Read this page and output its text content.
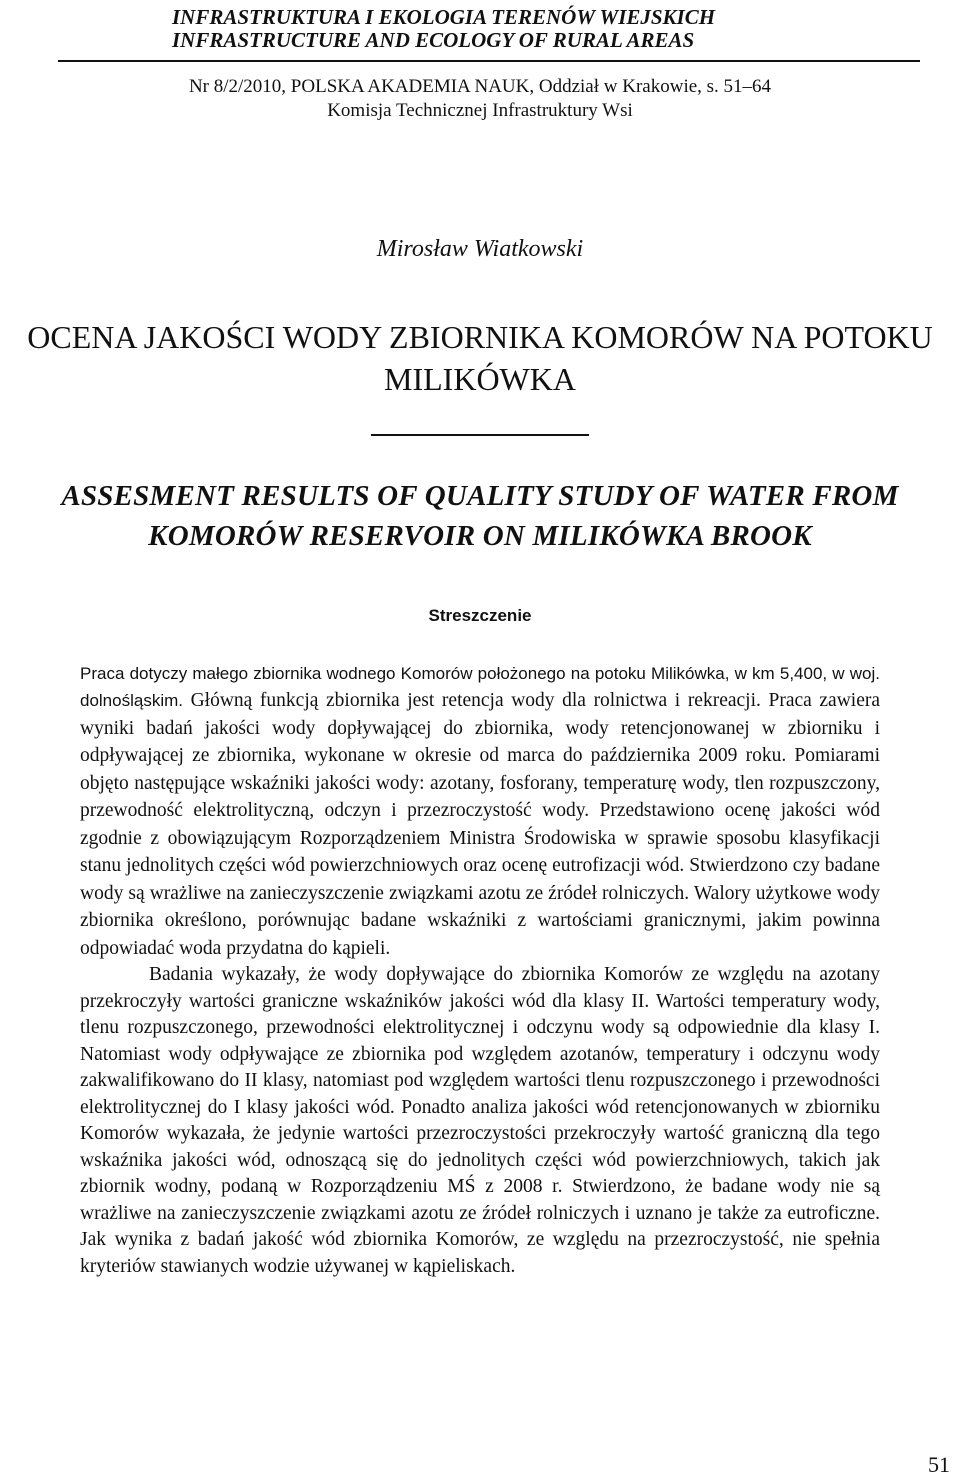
INFRASTRUKTURA I EKOLOGIA TERENÓW WIEJSKICH
INFRASTRUCTURE AND ECOLOGY OF RURAL AREAS
Nr 8/2/2010, POLSKA AKADEMIA NAUK, Oddział w Krakowie, s. 51–64
Komisja Technicznej Infrastruktury Wsi
Mirosław Wiatkowski
OCENA JAKOŚCI WODY ZBIORNIKA KOMORÓW NA POTOKU MILIKÓWKA
ASSESMENT RESULTS OF QUALITY STUDY OF WATER FROM KOMORÓW RESERVOIR ON MILIKÓWKA BROOK
Streszczenie

Praca dotyczy małego zbiornika wodnego Komorów położonego na potoku Milikówka, w km 5,400, w woj. dolnośląskim. Główną funkcją zbiornika jest retencja wody dla rolnictwa i rekreacji. Praca zawiera wyniki badań jakości wody dopływającej do zbiornika, wody retencjonowanej w zbiorniku i odpływającej ze zbiornika, wykonane w okresie od marca do października 2009 roku. Pomiarami objęto następujące wskaźniki jakości wody: azotany, fosforany, temperaturę wody, tlen rozpuszczony, przewodność elektrolityczną, odczyn i przezroczystość wody. Przedstawiono ocenę jakości wód zgodnie z obowiązującym Rozporządzeniem Ministra Środowiska w sprawie sposobu klasyfikacji stanu jednolitych części wód powierzchniowych oraz ocenę eutrofizacji wód. Stwierdzono czy badane wody są wrażliwe na zanieczyszczenie związkami azotu ze źródeł rolniczych. Walory użytkowe wody zbiornika określono, porównując badane wskaźniki z wartościami granicznymi, jakim powinna odpowiadać woda przydatna do kąpieli.

Badania wykazały, że wody dopływające do zbiornika Komorów ze względu na azotany przekroczyły wartości graniczne wskaźników jakości wód dla klasy II. Wartości temperatury wody, tlenu rozpuszczonego, przewodności elektrolitycznej i odczynu wody są odpowiednie dla klasy I. Natomiast wody odpływające ze zbiornika pod względem azotanów, temperatury i odczynu wody zakwalifikowano do II klasy, natomiast pod względem wartości tlenu rozpuszczonego i przewodności elektrolitycznej do I klasy jakości wód. Ponadto analiza jakości wód retencjonowanych w zbiorniku Komorów wykazała, że jedynie wartości przezroczystości przekroczyły wartość graniczną dla tego wskaźnika jakości wód, odnoszącą się do jednolitych części wód powierzchniowych, takich jak zbiornik wodny, podaną w Rozporządzeniu MŚ z 2008 r. Stwierdzono, że badane wody nie są wrażliwe na zanieczyszczenie związkami azotu ze źródeł rolniczych i uznano je także za eutroficzne. Jak wynika z badań jakość wód zbiornika Komorów, ze względu na przezroczystość, nie spełnia kryteriów stawianych wodzie używanej w kąpieliskach.

51
